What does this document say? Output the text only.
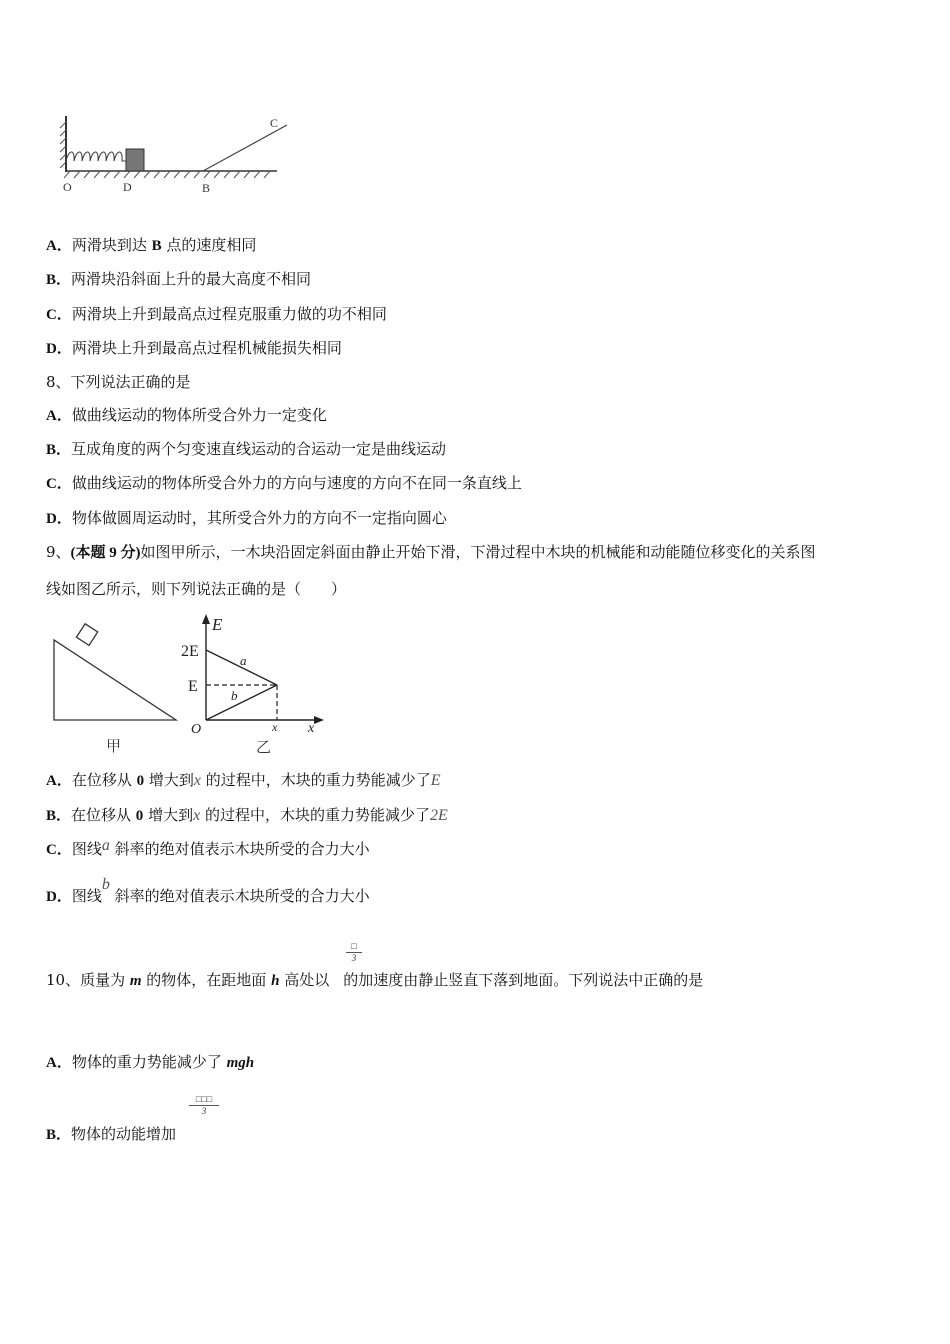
O	D	B
C
A．两滑块到达 B 点的速度相同
B．两滑块沿斜面上升的最大高度不相同
C．两滑块上升到最高点过程克服重力做的功不相同
D．两滑块上升到最高点过程机械能损失相同
8、下列说法正确的是
A．做曲线运动的物体所受合外力一定变化
B．互成角度的两个匀变速直线运动的合运动一定是曲线运动
C．做曲线运动的物体所受合外力的方向与速度的方向不在同一条直线上
D．物体做圆周运动时，其所受合外力的方向不一定指向圆心
9、(本题 9 分)如图甲所示，一木块沿固定斜面由静止开始下滑，下滑过程中木块的机械能和动能随位移变化的关系图
线如图乙所示，则下列说法正确的是（　　）
甲
E
x
O
2E
E
x
a
b
乙
A．在位移从 0 增大到x 的过程中，木块的重力势能减少了E
B．在位移从 0 增大到x 的过程中，木块的重力势能减少了2E
C．图线a 斜率的绝对值表示木块所受的合力大小
D．图线b 斜率的绝对值表示木块所受的合力大小
□
3
10、质量为 m 的物体，在距地面 h 高处以 的加速度由静止竖直下落到地面。下列说法中正确的是
A．物体的重力势能减少了 mgh
□□□
3
B．物体的动能增加
